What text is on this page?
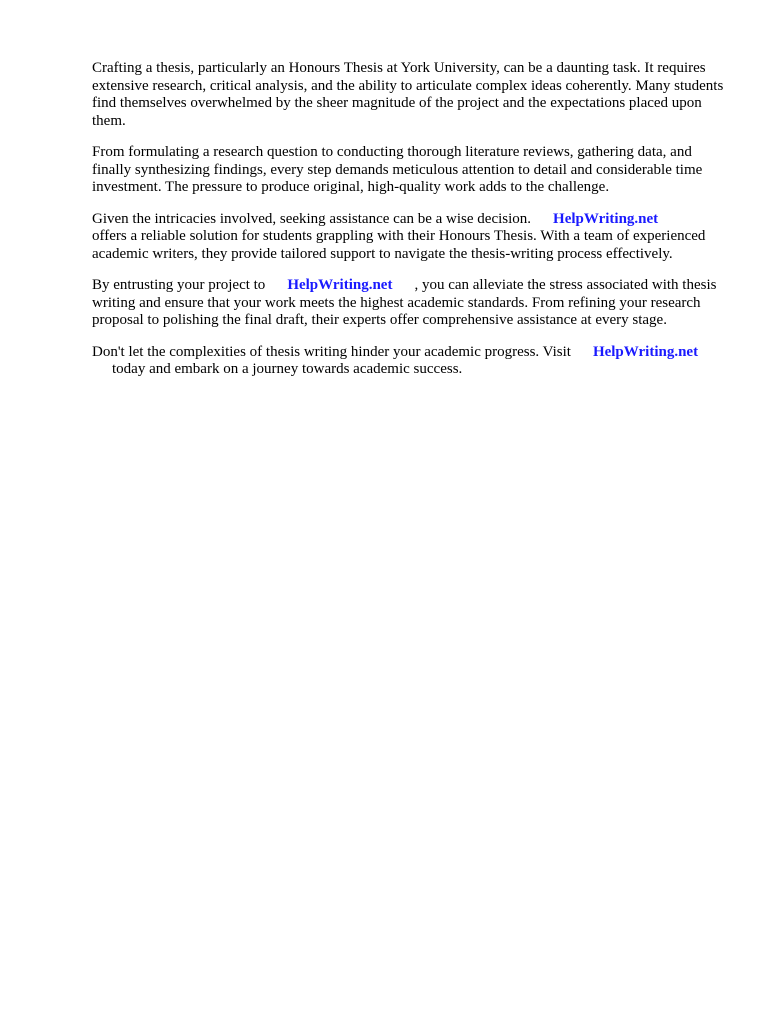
Crafting a thesis, particularly an Honours Thesis at York University, can be a daunting task. It requires extensive research, critical analysis, and the ability to articulate complex ideas coherently. Many students find themselves overwhelmed by the sheer magnitude of the project and the expectations placed upon them.

From formulating a research question to conducting thorough literature reviews, gathering data, and finally synthesizing findings, every step demands meticulous attention to detail and considerable time investment. The pressure to produce original, high-quality work adds to the challenge.

Given the intricacies involved, seeking assistance can be a wise decision. HelpWriting.net
offers a reliable solution for students grappling with their Honours Thesis. With a team of experienced academic writers, they provide tailored support to navigate the thesis-writing process effectively.

By entrusting your project to HelpWriting.net , you can alleviate the stress associated with thesis writing and ensure that your work meets the highest academic standards. From refining your research proposal to polishing the final draft, their experts offer comprehensive assistance at every stage.

Don't let the complexities of thesis writing hinder your academic progress. Visit HelpWriting.net
today and embark on a journey towards academic success.
